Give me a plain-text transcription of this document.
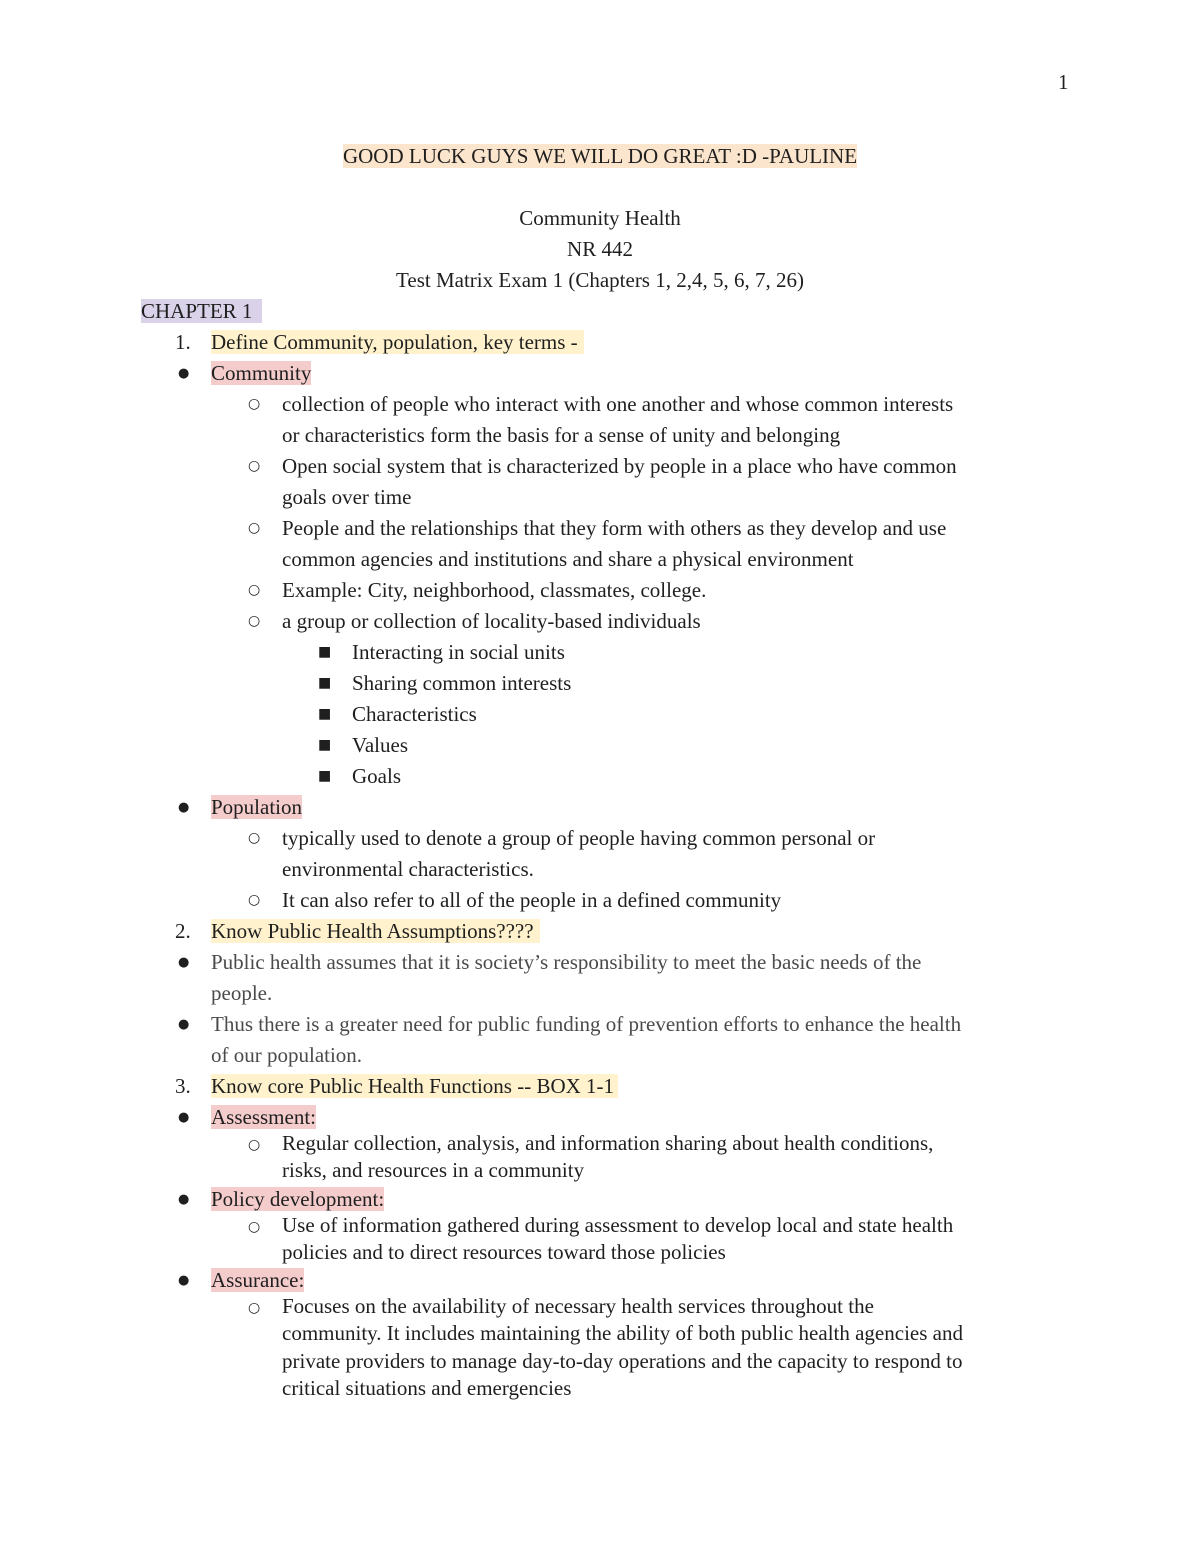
1
GOOD LUCK GUYS WE WILL DO GREAT :D -PAULINE
Community Health
NR 442
Test Matrix Exam 1 (Chapters 1, 2,4, 5, 6, 7, 26)
CHAPTER 1
1. Define Community, population, key terms -
●	Community
○	collection of people who interact with one another and whose common interests
or characteristics form the basis for a sense of unity and belonging
○	Open social system that is characterized by people in a place who have common
goals over time
○	People and the relationships that they form with others as they develop and use
common agencies and institutions and share a physical environment
○	Example: City, neighborhood, classmates, college.
○	a group or collection of locality-based individuals
■ Interacting in social units
■ Sharing common interests
■ Characteristics
■ Values
■ Goals
●	Population
○	typically used to denote a group of people having common personal or
environmental characteristics.
○	It can also refer to all of the people in a defined community
2. Know Public Health Assumptions????
●	Public health assumes that it is society’s responsibility to meet the basic needs of the
people.
●	Thus there is a greater need for public funding of prevention efforts to enhance the health
of our population.
3. Know core Public Health Functions -- BOX 1-1
●	Assessment:
○	Regular collection, analysis, and information sharing about health conditions,
risks, and resources in a community
●	Policy development:
○	Use of information gathered during assessment to develop local and state health
policies and to direct resources toward those policies
●	Assurance:
○	Focuses on the availability of necessary health services throughout the
community. It includes maintaining the ability of both public health agencies and
private providers to manage day-to-day operations and the capacity to respond to
critical situations and emergencies
